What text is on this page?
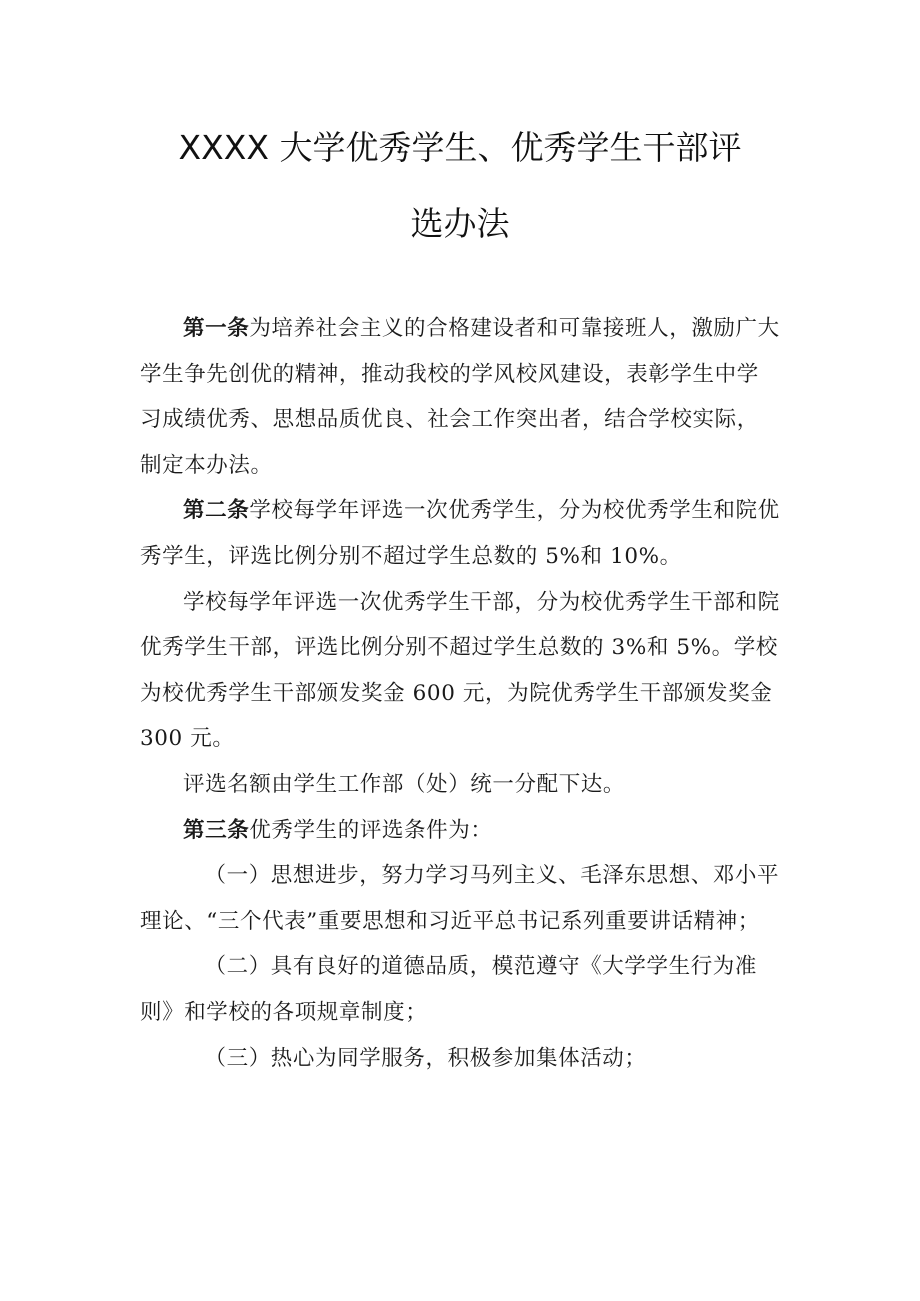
XXXX 大学优秀学生、优秀学生干部评
选办法

第一条为培养社会主义的合格建设者和可靠接班人，激励广大学生争先创优的精神，推动我校的学风校风建设，表彰学生中学习成绩优秀、思想品质优良、社会工作突出者，结合学校实际，制定本办法。

第二条学校每学年评选一次优秀学生，分为校优秀学生和院优秀学生，评选比例分别不超过学生总数的 5%和 10%。

学校每学年评选一次优秀学生干部，分为校优秀学生干部和院优秀学生干部，评选比例分别不超过学生总数的 3%和 5%。学校为校优秀学生干部颁发奖金 600 元，为院优秀学生干部颁发奖金 300 元。

评选名额由学生工作部（处）统一分配下达。

第三条优秀学生的评选条件为：

（一）思想进步，努力学习马列主义、毛泽东思想、邓小平理论、“三个代表”重要思想和习近平总书记系列重要讲话精神；

（二）具有良好的道德品质，模范遵守《大学学生行为准则》和学校的各项规章制度；

（三）热心为同学服务，积极参加集体活动；
